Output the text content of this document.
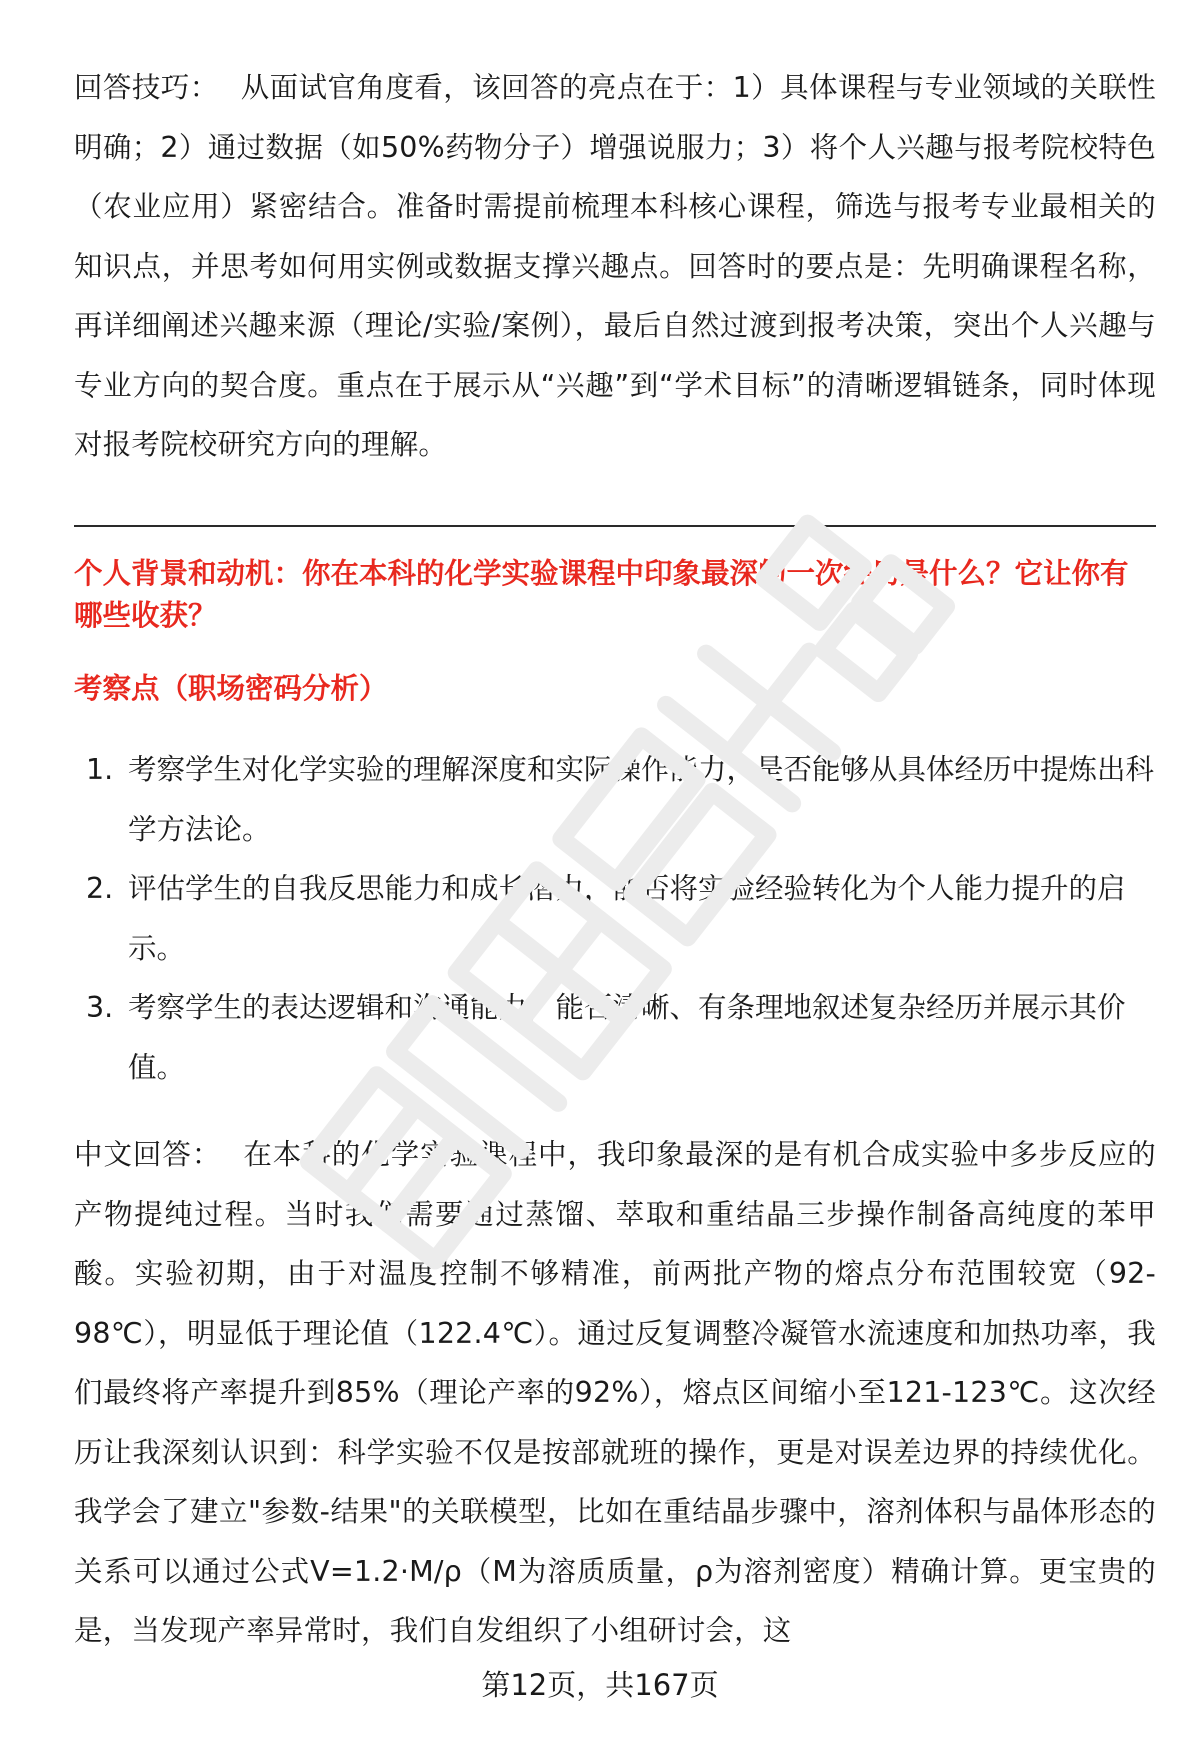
回答技巧： 从面试官角度看，该回答的亮点在于：1）具体课程与专业领域的关联性明确；2）通过数据（如50%药物分子）增强说服力；3）将个人兴趣与报考院校特色（农业应用）紧密结合。准备时需提前梳理本科核心课程，筛选与报考专业最相关的知识点，并思考如何用实例或数据支撑兴趣点。回答时的要点是：先明确课程名称，再详细阐述兴趣来源（理论/实验/案例），最后自然过渡到报考决策，突出个人兴趣与专业方向的契合度。重点在于展示从“兴趣”到“学术目标”的清晰逻辑链条，同时体现对报考院校研究方向的理解。

个人背景和动机：你在本科的化学实验课程中印象最深的一次经历是什么？它让你有哪些收获？
考察点（职场密码分析）
1. 考察学生对化学实验的理解深度和实际操作能力，是否能够从具体经历中提炼出科学方法论。
2. 评估学生的自我反思能力和成长潜力，能否将实验经验转化为个人能力提升的启示。
3. 考察学生的表达逻辑和沟通能力，能否清晰、有条理地叙述复杂经历并展示其价值。

中文回答： 在本科的化学实验课程中，我印象最深的是有机合成实验中多步反应的产物提纯过程。当时我们需要通过蒸馏、萃取和重结晶三步操作制备高纯度的苯甲酸。实验初期，由于对温度控制不够精准，前两批产物的熔点分布范围较宽（92-98℃），明显低于理论值（122.4℃）。通过反复调整冷凝管水流速度和加热功率，我们最终将产率提升到85%（理论产率的92%），熔点区间缩小至121-123℃。这次经历让我深刻认识到：科学实验不仅是按部就班的操作，更是对误差边界的持续优化。我学会了建立"参数-结果"的关联模型，比如在重结晶步骤中，溶剂体积与晶体形态的关系可以通过公式V=1.2·M/ρ（M为溶质质量，ρ为溶剂密度）精确计算。更宝贵的是，当发现产率异常时，我们自发组织了小组研讨会，这

第12页，共167页
